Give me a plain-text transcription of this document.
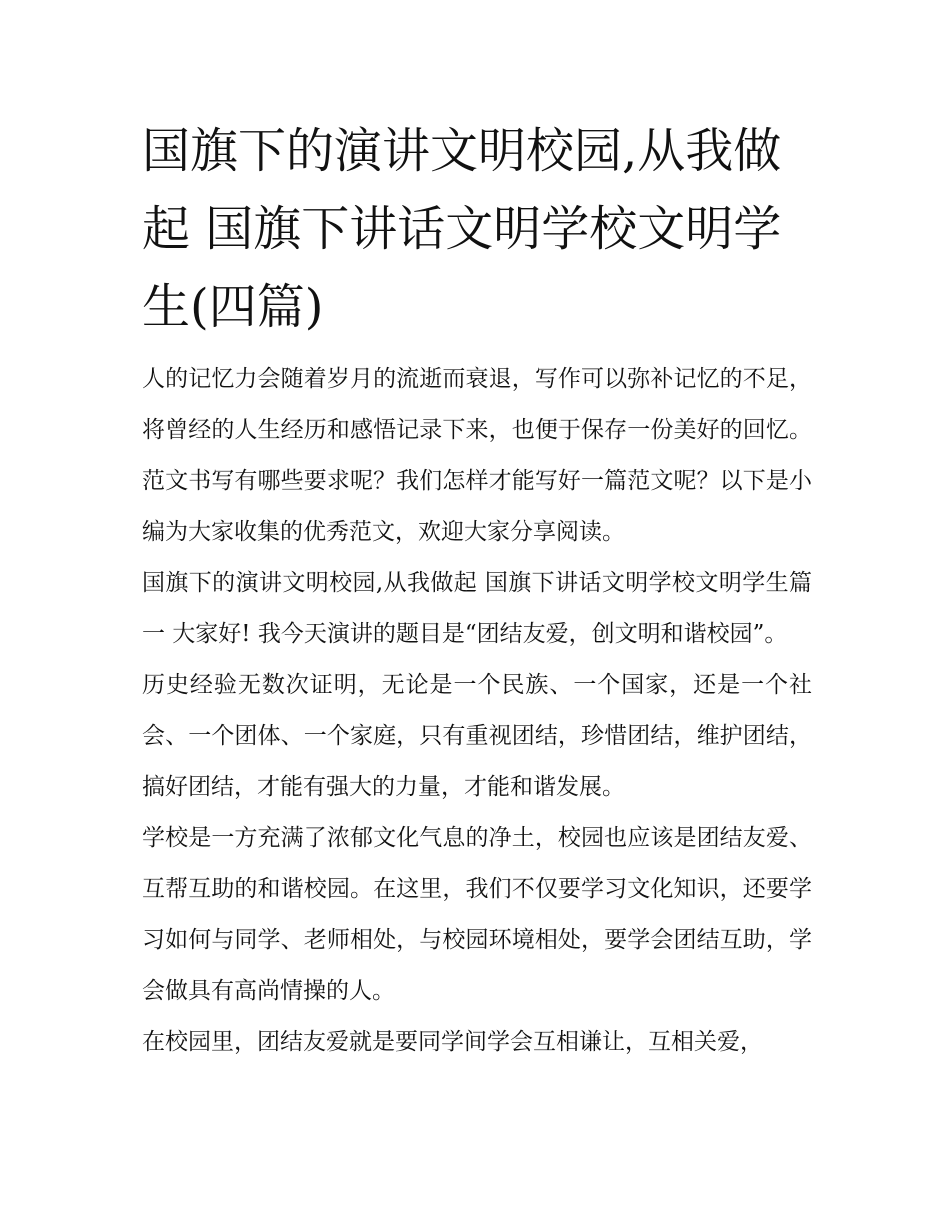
国旗下的演讲文明校园,从我做起 国旗下讲话文明学校文明学生(四篇)

人的记忆力会随着岁月的流逝而衰退，写作可以弥补记忆的不足，将曾经的人生经历和感悟记录下来，也便于保存一份美好的回忆。范文书写有哪些要求呢？我们怎样才能写好一篇范文呢？以下是小编为大家收集的优秀范文，欢迎大家分享阅读。

国旗下的演讲文明校园,从我做起 国旗下讲话文明学校文明学生篇一 大家好! 我今天演讲的题目是“团结友爱，创文明和谐校园”。

历史经验无数次证明，无论是一个民族、一个国家，还是一个社会、一个团体、一个家庭，只有重视团结，珍惜团结，维护团结，搞好团结，才能有强大的力量，才能和谐发展。

学校是一方充满了浓郁文化气息的净土，校园也应该是团结友爱、互帮互助的和谐校园。在这里，我们不仅要学习文化知识，还要学习如何与同学、老师相处，与校园环境相处，要学会团结互助，学会做具有高尚情操的人。

在校园里，团结友爱就是要同学间学会互相谦让，互相关爱，
